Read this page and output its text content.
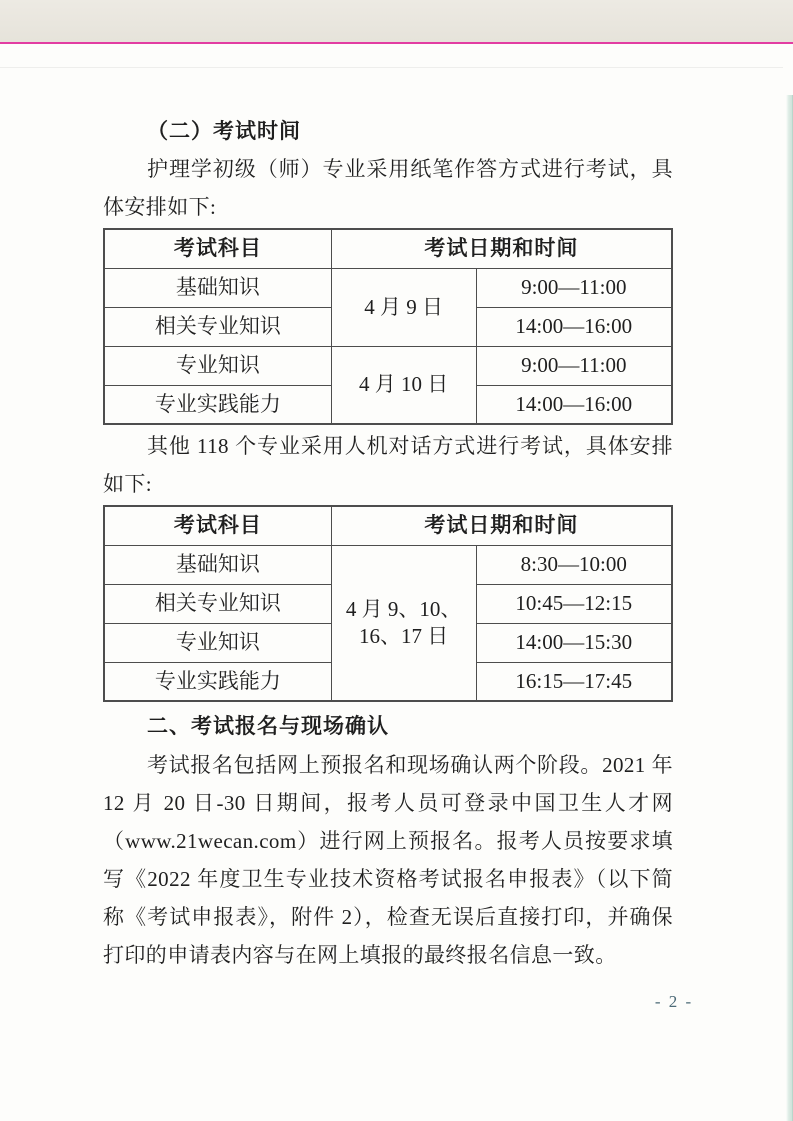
（二）考试时间

护理学初级（师）专业采用纸笔作答方式进行考试，具体安排如下:

考试科目	考试日期和时间	
基础知识	4 月 9 日	9:00—11:00
相关专业知识		14:00—16:00
专业知识	4 月 10 日	9:00—11:00
专业实践能力		14:00—16:00

其他 118 个专业采用人机对话方式进行考试，具体安排如下:

考试科目	考试日期和时间	
基础知识	4 月 9、10、16、17 日	8:30—10:00
相关专业知识		10:45—12:15
专业知识		14:00—15:30
专业实践能力		16:15—17:45
二、考试报名与现场确认

考试报名包括网上预报名和现场确认两个阶段。2021 年 12 月 20 日-30 日期间，报考人员可登录中国卫生人才网（www.21wecan.com）进行网上预报名。报考人员按要求填写《2022 年度卫生专业技术资格考试报名申报表》（以下简称《考试申报表》，附件 2），检查无误后直接打印，并确保打印的申请表内容与在网上填报的最终报名信息一致。

- 2 -
